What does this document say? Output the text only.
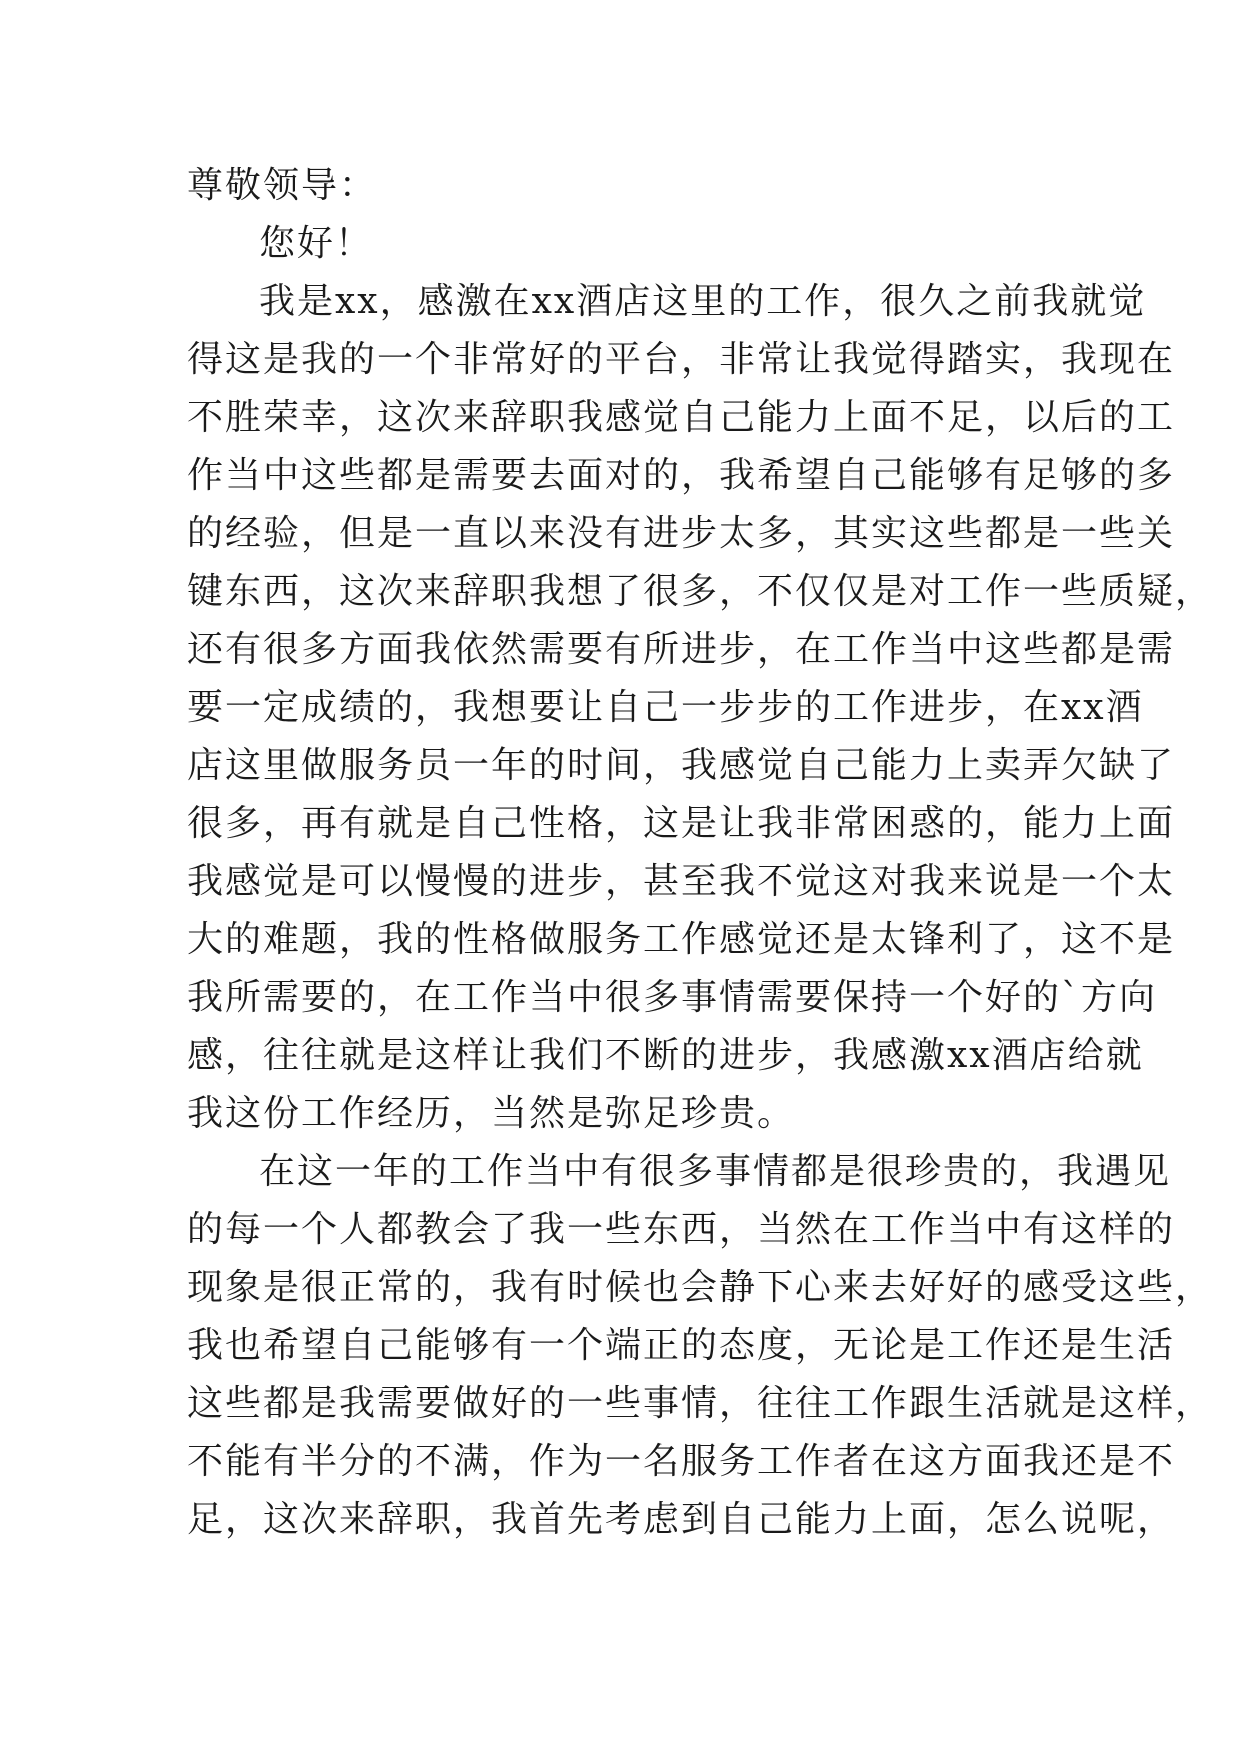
尊敬领导：
您好！
我是xx，感激在xx酒店这里的工作，很久之前我就觉
得这是我的一个非常好的平台，非常让我觉得踏实，我现在
不胜荣幸，这次来辞职我感觉自己能力上面不足，以后的工
作当中这些都是需要去面对的，我希望自己能够有足够的多
的经验，但是一直以来没有进步太多，其实这些都是一些关
键东西，这次来辞职我想了很多，不仅仅是对工作一些质疑，
还有很多方面我依然需要有所进步，在工作当中这些都是需
要一定成绩的，我想要让自己一步步的工作进步，在xx酒
店这里做服务员一年的时间，我感觉自己能力上卖弄欠缺了
很多，再有就是自己性格，这是让我非常困惑的，能力上面
我感觉是可以慢慢的进步，甚至我不觉这对我来说是一个太
大的难题，我的性格做服务工作感觉还是太锋利了，这不是
我所需要的，在工作当中很多事情需要保持一个好的`方向
感，往往就是这样让我们不断的进步，我感激xx酒店给就
我这份工作经历，当然是弥足珍贵。
在这一年的工作当中有很多事情都是很珍贵的，我遇见
的每一个人都教会了我一些东西，当然在工作当中有这样的
现象是很正常的，我有时候也会静下心来去好好的感受这些，
我也希望自己能够有一个端正的态度，无论是工作还是生活
这些都是我需要做好的一些事情，往往工作跟生活就是这样，
不能有半分的不满，作为一名服务工作者在这方面我还是不
足，这次来辞职，我首先考虑到自己能力上面，怎么说呢，
